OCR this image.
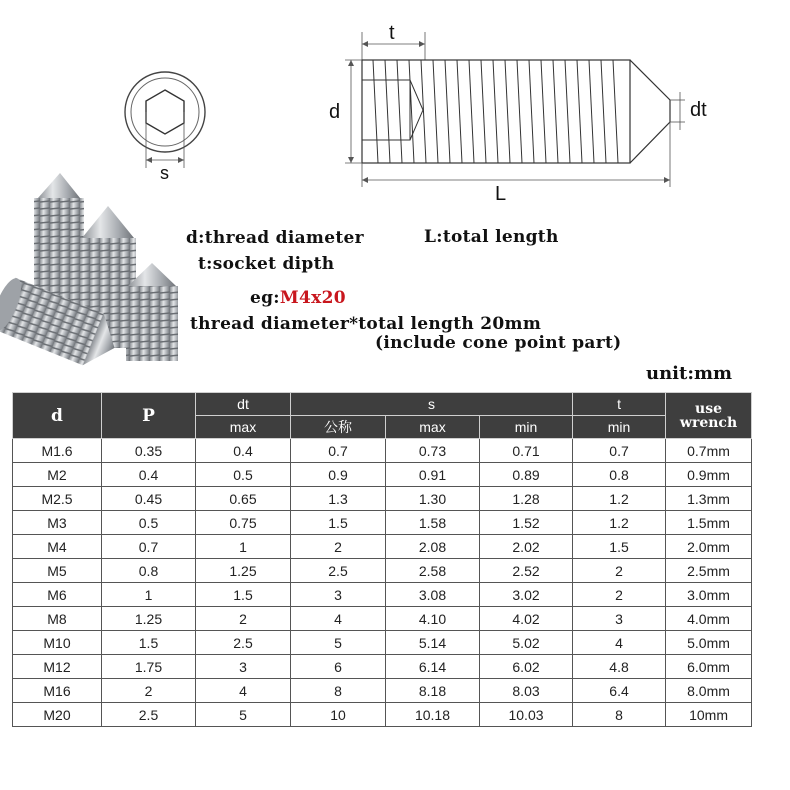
s
t
d	dt
L
d:thread diameter	L:total length
t:socket dipth
eg:M4x20
thread diameter*total length 20mm
(include cone point part)
unit:mm
d	P	dt	s			t	use wrench
		max	公称	max	min	min	
M1.6	0.35	0.4	0.7	0.73	0.71	0.7	0.7mm
M2	0.4	0.5	0.9	0.91	0.89	0.8	0.9mm
M2.5	0.45	0.65	1.3	1.30	1.28	1.2	1.3mm
M3	0.5	0.75	1.5	1.58	1.52	1.2	1.5mm
M4	0.7	1	2	2.08	2.02	1.5	2.0mm
M5	0.8	1.25	2.5	2.58	2.52	2	2.5mm
M6	1	1.5	3	3.08	3.02	2	3.0mm
M8	1.25	2	4	4.10	4.02	3	4.0mm
M10	1.5	2.5	5	5.14	5.02	4	5.0mm
M12	1.75	3	6	6.14	6.02	4.8	6.0mm
M16	2	4	8	8.18	8.03	6.4	8.0mm
M20	2.5	5	10	10.18	10.03	8	10mm
